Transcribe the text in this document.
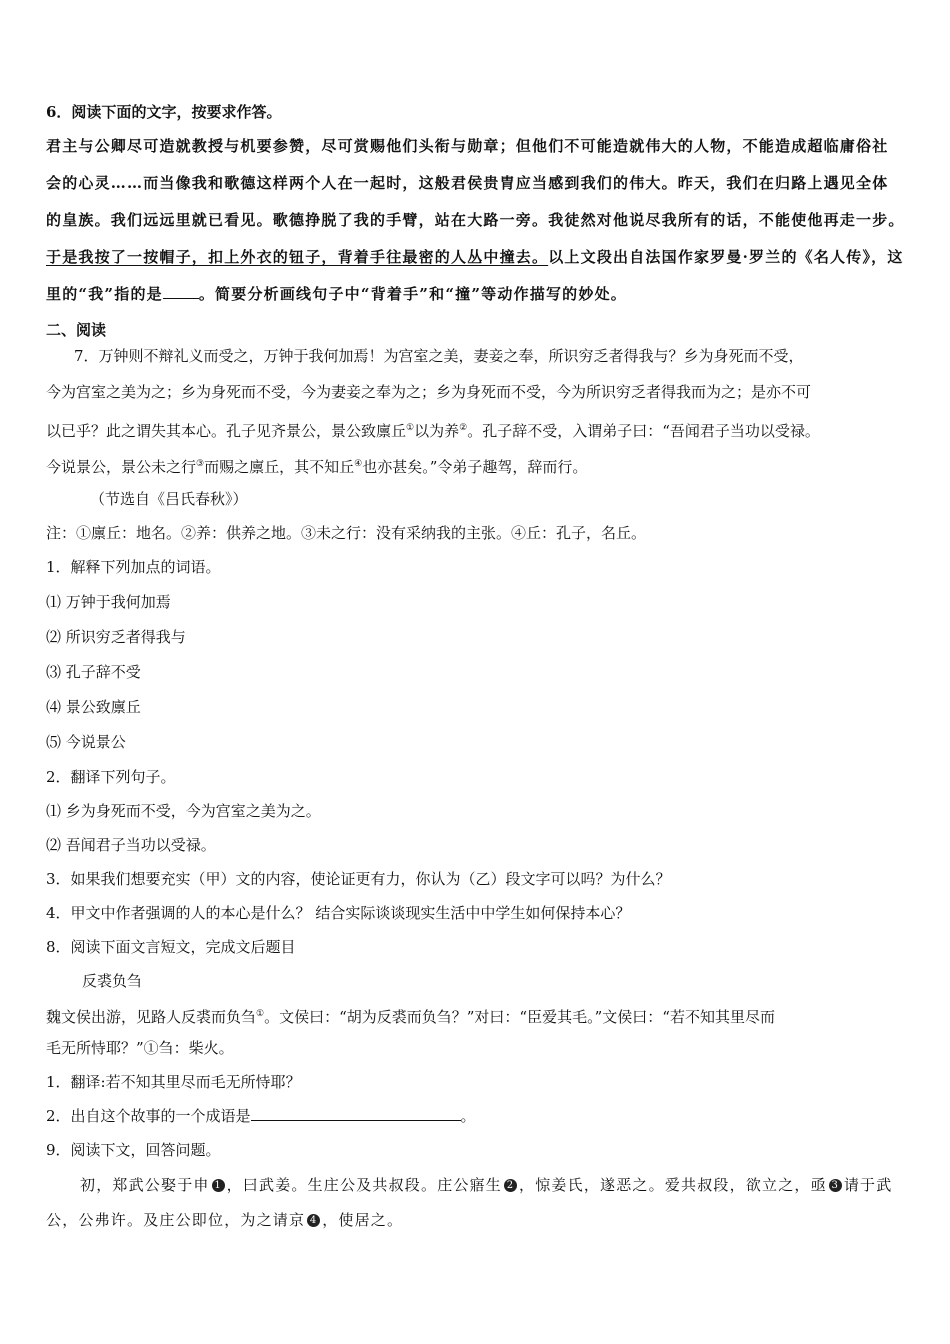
6．阅读下面的文字，按要求作答。
君主与公卿尽可造就教授与机要参赞，尽可赏赐他们头衔与勋章；但他们不可能造就伟大的人物，不能造成超临庸俗社
会的心灵……而当像我和歌德这样两个人在一起时，这般君侯贵胄应当感到我们的伟大。昨天，我们在归路上遇见全体
的皇族。我们远远里就已看见。歌德挣脱了我的手臂，站在大路一旁。我徒然对他说尽我所有的话，不能使他再走一步。
于是我按了一按帽子，扣上外衣的钮子，背着手往最密的人丛中撞去。以上文段出自法国作家罗曼·罗兰的《名人传》，这
里的“我”指的是 。简要分析画线句子中“背着手”和“撞”等动作描写的妙处。
二、阅读
7．万钟则不辩礼义而受之，万钟于我何加焉！为宫室之美，妻妾之奉，所识穷乏者得我与？乡为身死而不受，
今为宫室之美为之；乡为身死而不受，今为妻妾之奉为之；乡为身死而不受，今为所识穷乏者得我而为之；是亦不可
以已乎？此之谓失其本心。孔子见齐景公，景公致廪丘①以为养②。孔子辞不受，入谓弟子曰：“吾闻君子当功以受禄。
今说景公，景公未之行③而赐之廪丘，其不知丘④也亦甚矣。”令弟子趣驾，辞而行。
（节选自《吕氏春秋》）
注：①廪丘：地名。②养：供养之地。③未之行：没有采纳我的主张。④丘：孔子，名丘。
1．解释下列加点的词语。
⑴ 万钟于我何加焉
⑵ 所识穷乏者得我与
⑶ 孔子辞不受
⑷ 景公致廪丘
⑸ 今说景公
2．翻译下列句子。
⑴ 乡为身死而不受，今为宫室之美为之。
⑵ 吾闻君子当功以受禄。
3．如果我们想要充实（甲）文的内容，使论证更有力，你认为（乙）段文字可以吗？为什么？
4．甲文中作者强调的人的本心是什么？ 结合实际谈谈现实生活中中学生如何保持本心？
8．阅读下面文言短文，完成文后题目
反裘负刍
魏文侯出游，见路人反裘而负刍①。文侯曰：“胡为反裘而负刍？”对曰：“臣爱其毛。”文侯曰：“若不知其里尽而
毛无所恃耶？”①刍：柴火。
1．翻译:若不知其里尽而毛无所恃耶？
2．出自这个故事的一个成语是	。
9．阅读下文，回答问题。
初，郑武公娶于申 1 ，曰武姜。生庄公及共叔段。庄公寤生 2 ，惊姜氏，遂恶之。爱共叔段，欲立之，亟 3 请于武
公，公弗许。及庄公即位，为之请京 4 ，使居之。
